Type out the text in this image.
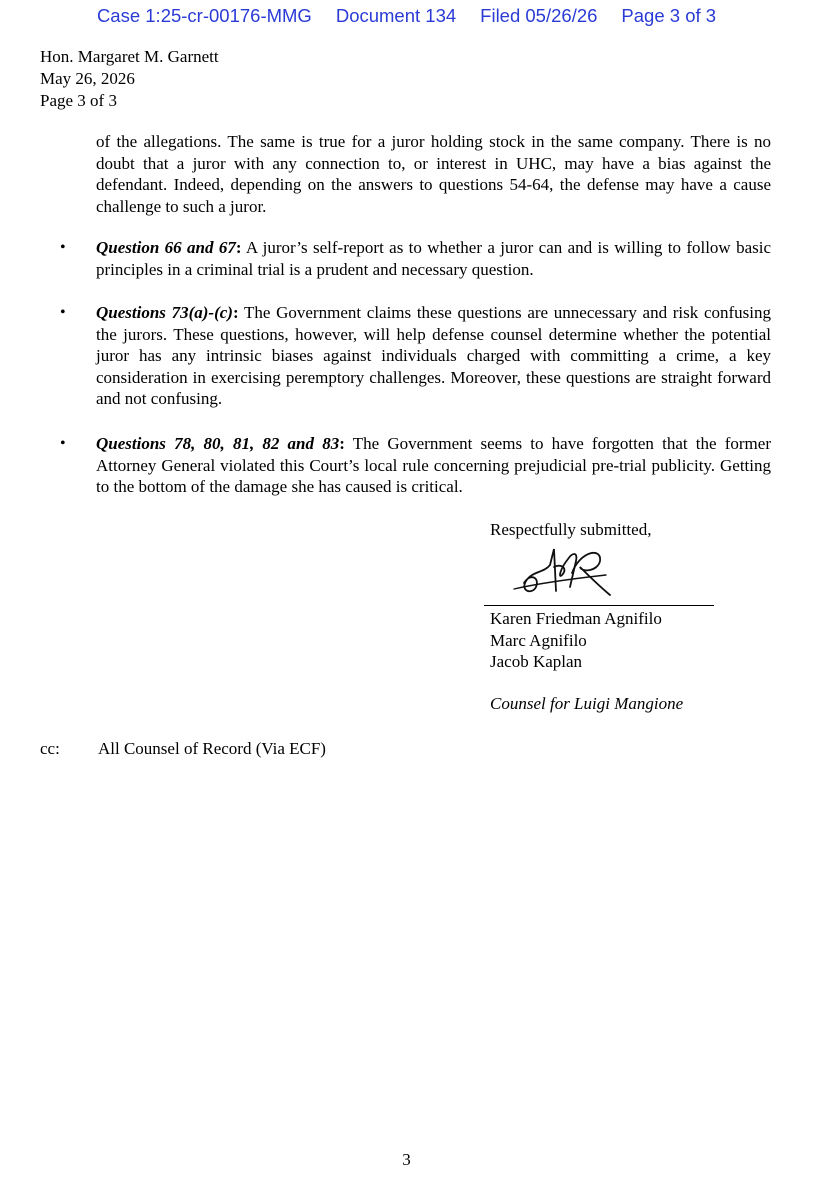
Case 1:25-cr-00176-MMG Document 134 Filed 05/26/26 Page 3 of 3
Hon. Margaret M. Garnett
May 26, 2026
Page 3 of 3
of the allegations. The same is true for a juror holding stock in the same company. There is no doubt that a juror with any connection to, or interest in UHC, may have a bias against the defendant. Indeed, depending on the answers to questions 54-64, the defense may have a cause challenge to such a juror.
• Question 66 and 67: A juror’s self-report as to whether a juror can and is willing to follow basic principles in a criminal trial is a prudent and necessary question.
• Questions 73(a)-(c): The Government claims these questions are unnecessary and risk confusing the jurors. These questions, however, will help defense counsel determine whether the potential juror has any intrinsic biases against individuals charged with committing a crime, a key consideration in exercising peremptory challenges. Moreover, these questions are straight forward and not confusing.
• Questions 78, 80, 81, 82 and 83: The Government seems to have forgotten that the former Attorney General violated this Court’s local rule concerning prejudicial pre-trial publicity. Getting to the bottom of the damage she has caused is critical.
Respectfully submitted,
Karen Friedman Agnifilo
Marc Agnifilo
Jacob Kaplan
Counsel for Luigi Mangione
cc: All Counsel of Record (Via ECF)
3
